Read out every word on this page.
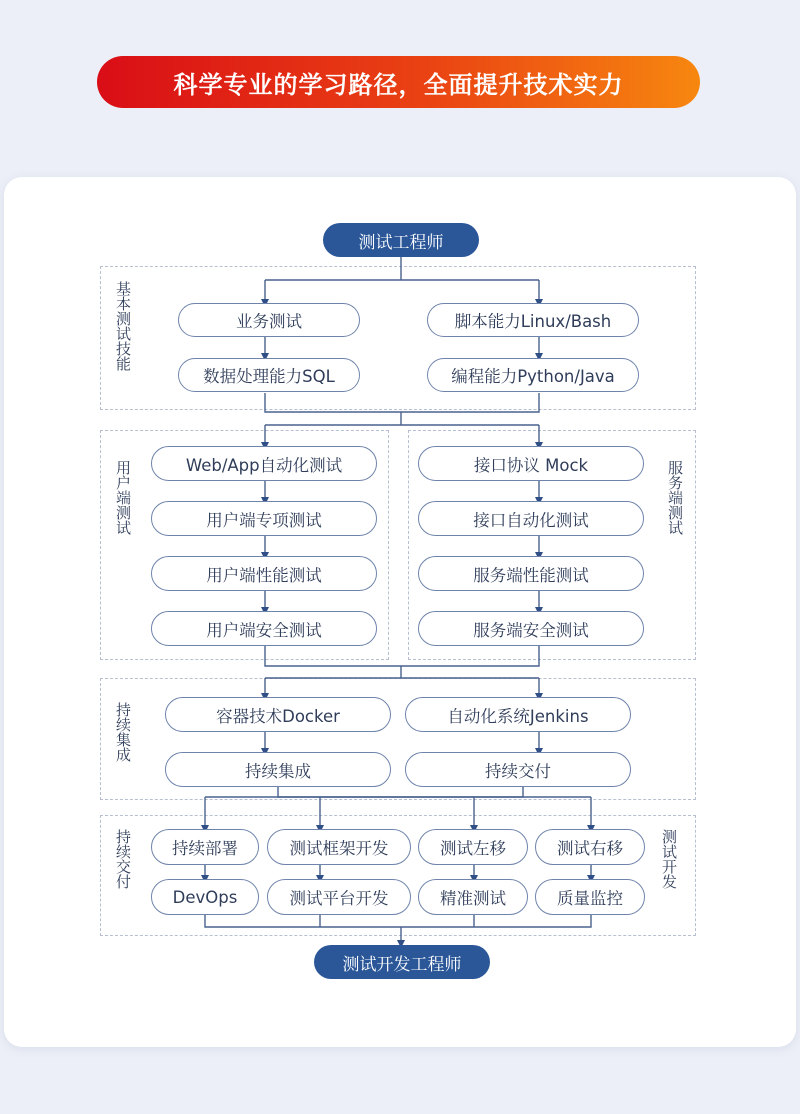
科学专业的学习路径，全面提升技术实力
测试工程师
测试开发工程师
基本测试技能
用户端测试	服务端测试
持续集成
持续交付	测试开发
业务测试
数据处理能力SQL
脚本能力Linux/Bash
编程能力Python/Java
Web/App自动化测试
用户端专项测试
用户端性能测试
用户端安全测试
接口协议 Mock
接口自动化测试
服务端性能测试
服务端安全测试
容器技术Docker
持续集成
自动化系统Jenkins
持续交付
持续部署
DevOps
测试框架开发
测试平台开发
测试左移
精准测试
测试右移
质量监控
